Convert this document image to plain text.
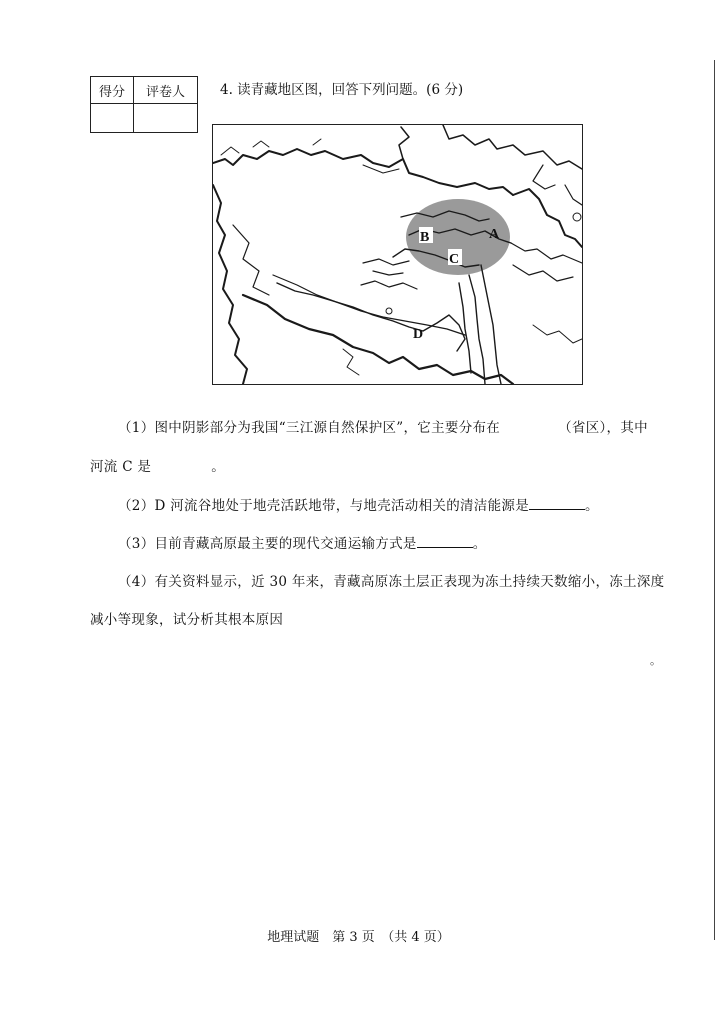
得分	评卷人
		4. 读青藏地区图，回答下列问题。(6 分)
B	A
C
D
（1）图中阴影部分为我国“三江源自然保护区”，它主要分布在	（省区），其中
河流 C 是	。
（2）D 河流谷地处于地壳活跃地带，与地壳活动相关的清洁能源是	。
（3）目前青藏高原最主要的现代交通运输方式是	。
（4）有关资料显示，近 30 年来，青藏高原冻土层正表现为冻土持续天数缩小，冻土深度
减小等现象，试分析其根本原因
。
地理试题　第 3 页　（共 4 页）
